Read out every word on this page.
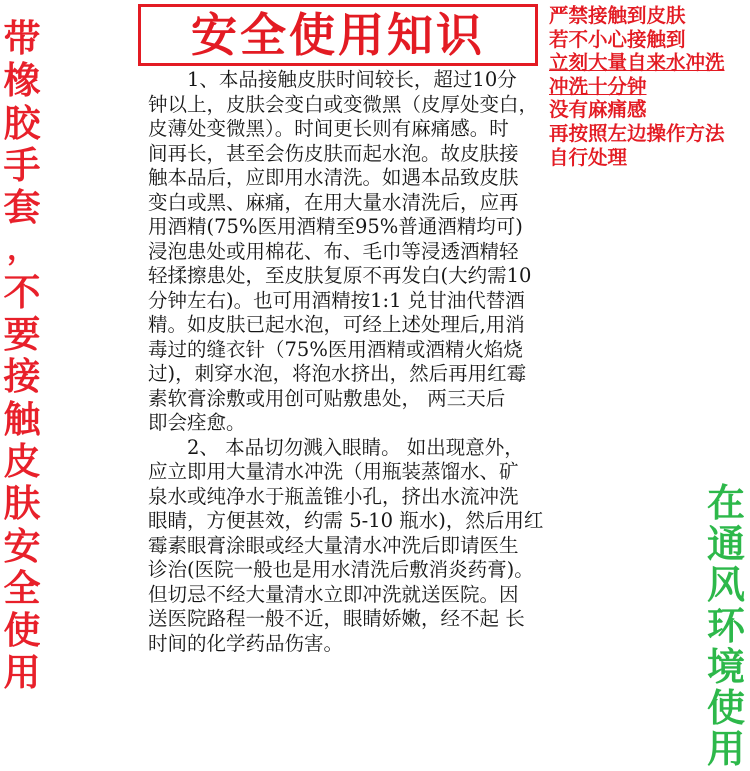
安全使用知识
带
橡
胶
手
套
，
不
要
接
触
皮
肤
安
全
使
用
在
通
风
环
境
使
用
严禁接触到皮肤
若不小心接触到
立刻大量自来水冲洗
冲洗十分钟
没有麻痛感
再按照左边操作方法
自行处理
　　1、本品接触皮肤时间较长，超过10分
钟以上，皮肤会变白或变微黑（皮厚处变白，
皮薄处变微黑）。时间更长则有麻痛感。时
间再长，甚至会伤皮肤而起水泡。故皮肤接
触本品后，应即用水清洗。如遇本品致皮肤
变白或黑、麻痛，在用大量水清洗后，应再
用酒精(75%医用酒精至95%普通酒精均可)
浸泡患处或用棉花、布、毛巾等浸透酒精轻
轻揉擦患处，至皮肤复原不再发白(大约需10
分钟左右)。也可用酒精按1:1 兑甘油代替酒
精。如皮肤已起水泡，可经上述处理后,用消
毒过的缝衣针（75%医用酒精或酒精火焰烧
过)，刺穿水泡，将泡水挤出，然后再用红霉
素软膏涂敷或用创可贴敷患处， 两三天后
即会痊愈。
　　2、 本品切勿溅入眼睛。 如出现意外，
应立即用大量清水冲洗（用瓶装蒸馏水、矿
泉水或纯净水于瓶盖锥小孔，挤出水流冲洗
眼睛，方便甚效，约需 5-10 瓶水)，然后用红
霉素眼膏涂眼或经大量清水冲洗后即请医生
诊治(医院一般也是用水清洗后敷消炎药膏)。
但切忌不经大量清水立即冲洗就送医院。因
送医院路程一般不近，眼睛娇嫩，经不起 长
时间的化学药品伤害。
